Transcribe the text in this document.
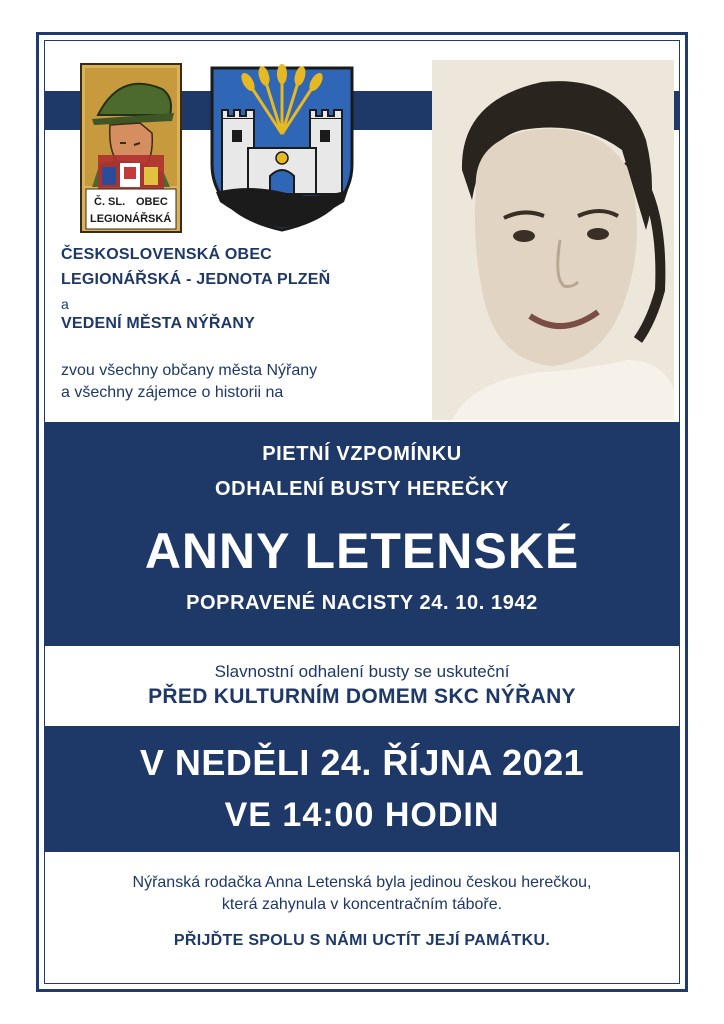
Č. SL. OBEC
LEGIONÁŘSKÁ
ČESKOSLOVENSKÁ OBEC
LEGIONÁŘSKÁ - JEDNOTA PLZEŇ
a
VEDENÍ MĚSTA NÝŘANY
zvou všechny občany města Nýřany
a všechny zájemce o historii na
PIETNÍ VZPOMÍNKU
ODHALENÍ BUSTY HEREČKY
ANNY LETENSKÉ
POPRAVENÉ NACISTY 24. 10. 1942
Slavnostní odhalení busty se uskuteční
PŘED KULTURNÍM DOMEM SKC NÝŘANY
V NEDĚLI 24. ŘÍJNA 2021
VE 14:00 HODIN
Nýřanská rodačka Anna Letenská byla jedinou českou herečkou,
která zahynula v koncentračním táboře.
PŘIJĎTE SPOLU S NÁMI UCTÍT JEJÍ PAMÁTKU.
